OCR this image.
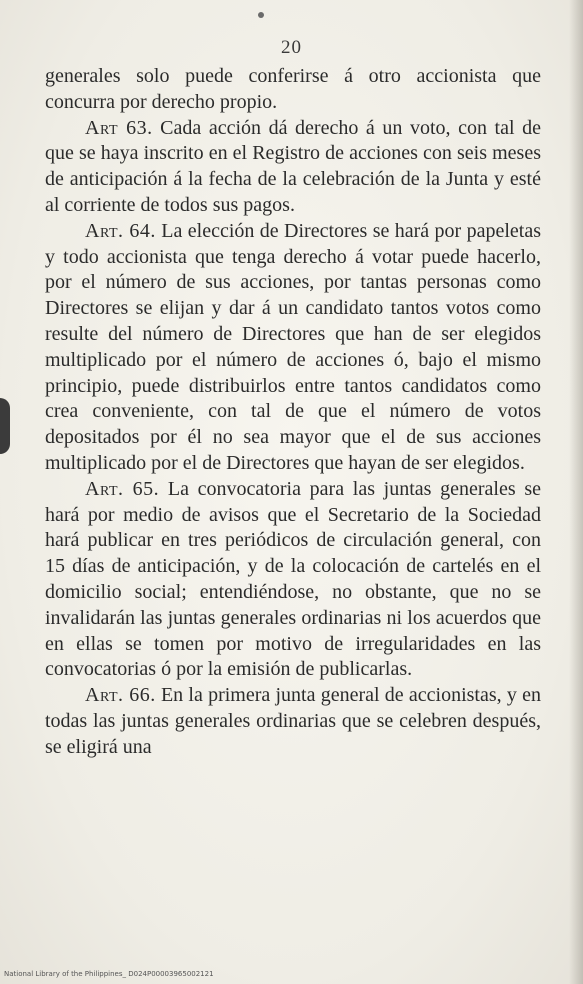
20

generales solo puede conferirse á otro accionista que concurra por derecho propio.

Art 63. Cada acción dá derecho á un voto, con tal de que se haya inscrito en el Registro de acciones con seis meses de anticipación á la fecha de la celebración de la Junta y esté al corriente de todos sus pagos.

Art. 64. La elección de Directores se hará por papeletas y todo accionista que tenga derecho á votar puede hacerlo, por el número de sus acciones, por tantas personas como Directores se elijan y dar á un candidato tantos votos como resulte del número de Directores que han de ser elegidos multiplicado por el número de acciones ó, bajo el mismo principio, puede distribuirlos entre tantos candidatos como crea conveniente, con tal de que el número de votos depositados por él no sea mayor que el de sus acciones multiplicado por el de Directores que hayan de ser elegidos.

Art. 65. La convocatoria para las juntas generales se hará por medio de avisos que el Secretario de la Sociedad hará publicar en tres periódicos de circulación general, con 15 días de anticipación, y de la colocación de cartelés en el domicilio social; entendiéndose, no obstante, que no se invalidarán las juntas generales ordinarias ni los acuerdos que en ellas se tomen por motivo de irregularidades en las convocatorias ó por la emisión de publicarlas.

Art. 66. En la primera junta general de accionistas, y en todas las juntas generales ordinarias que se celebren después, se eligirá una

National Library of the Philippines_ D024P00003965002121
